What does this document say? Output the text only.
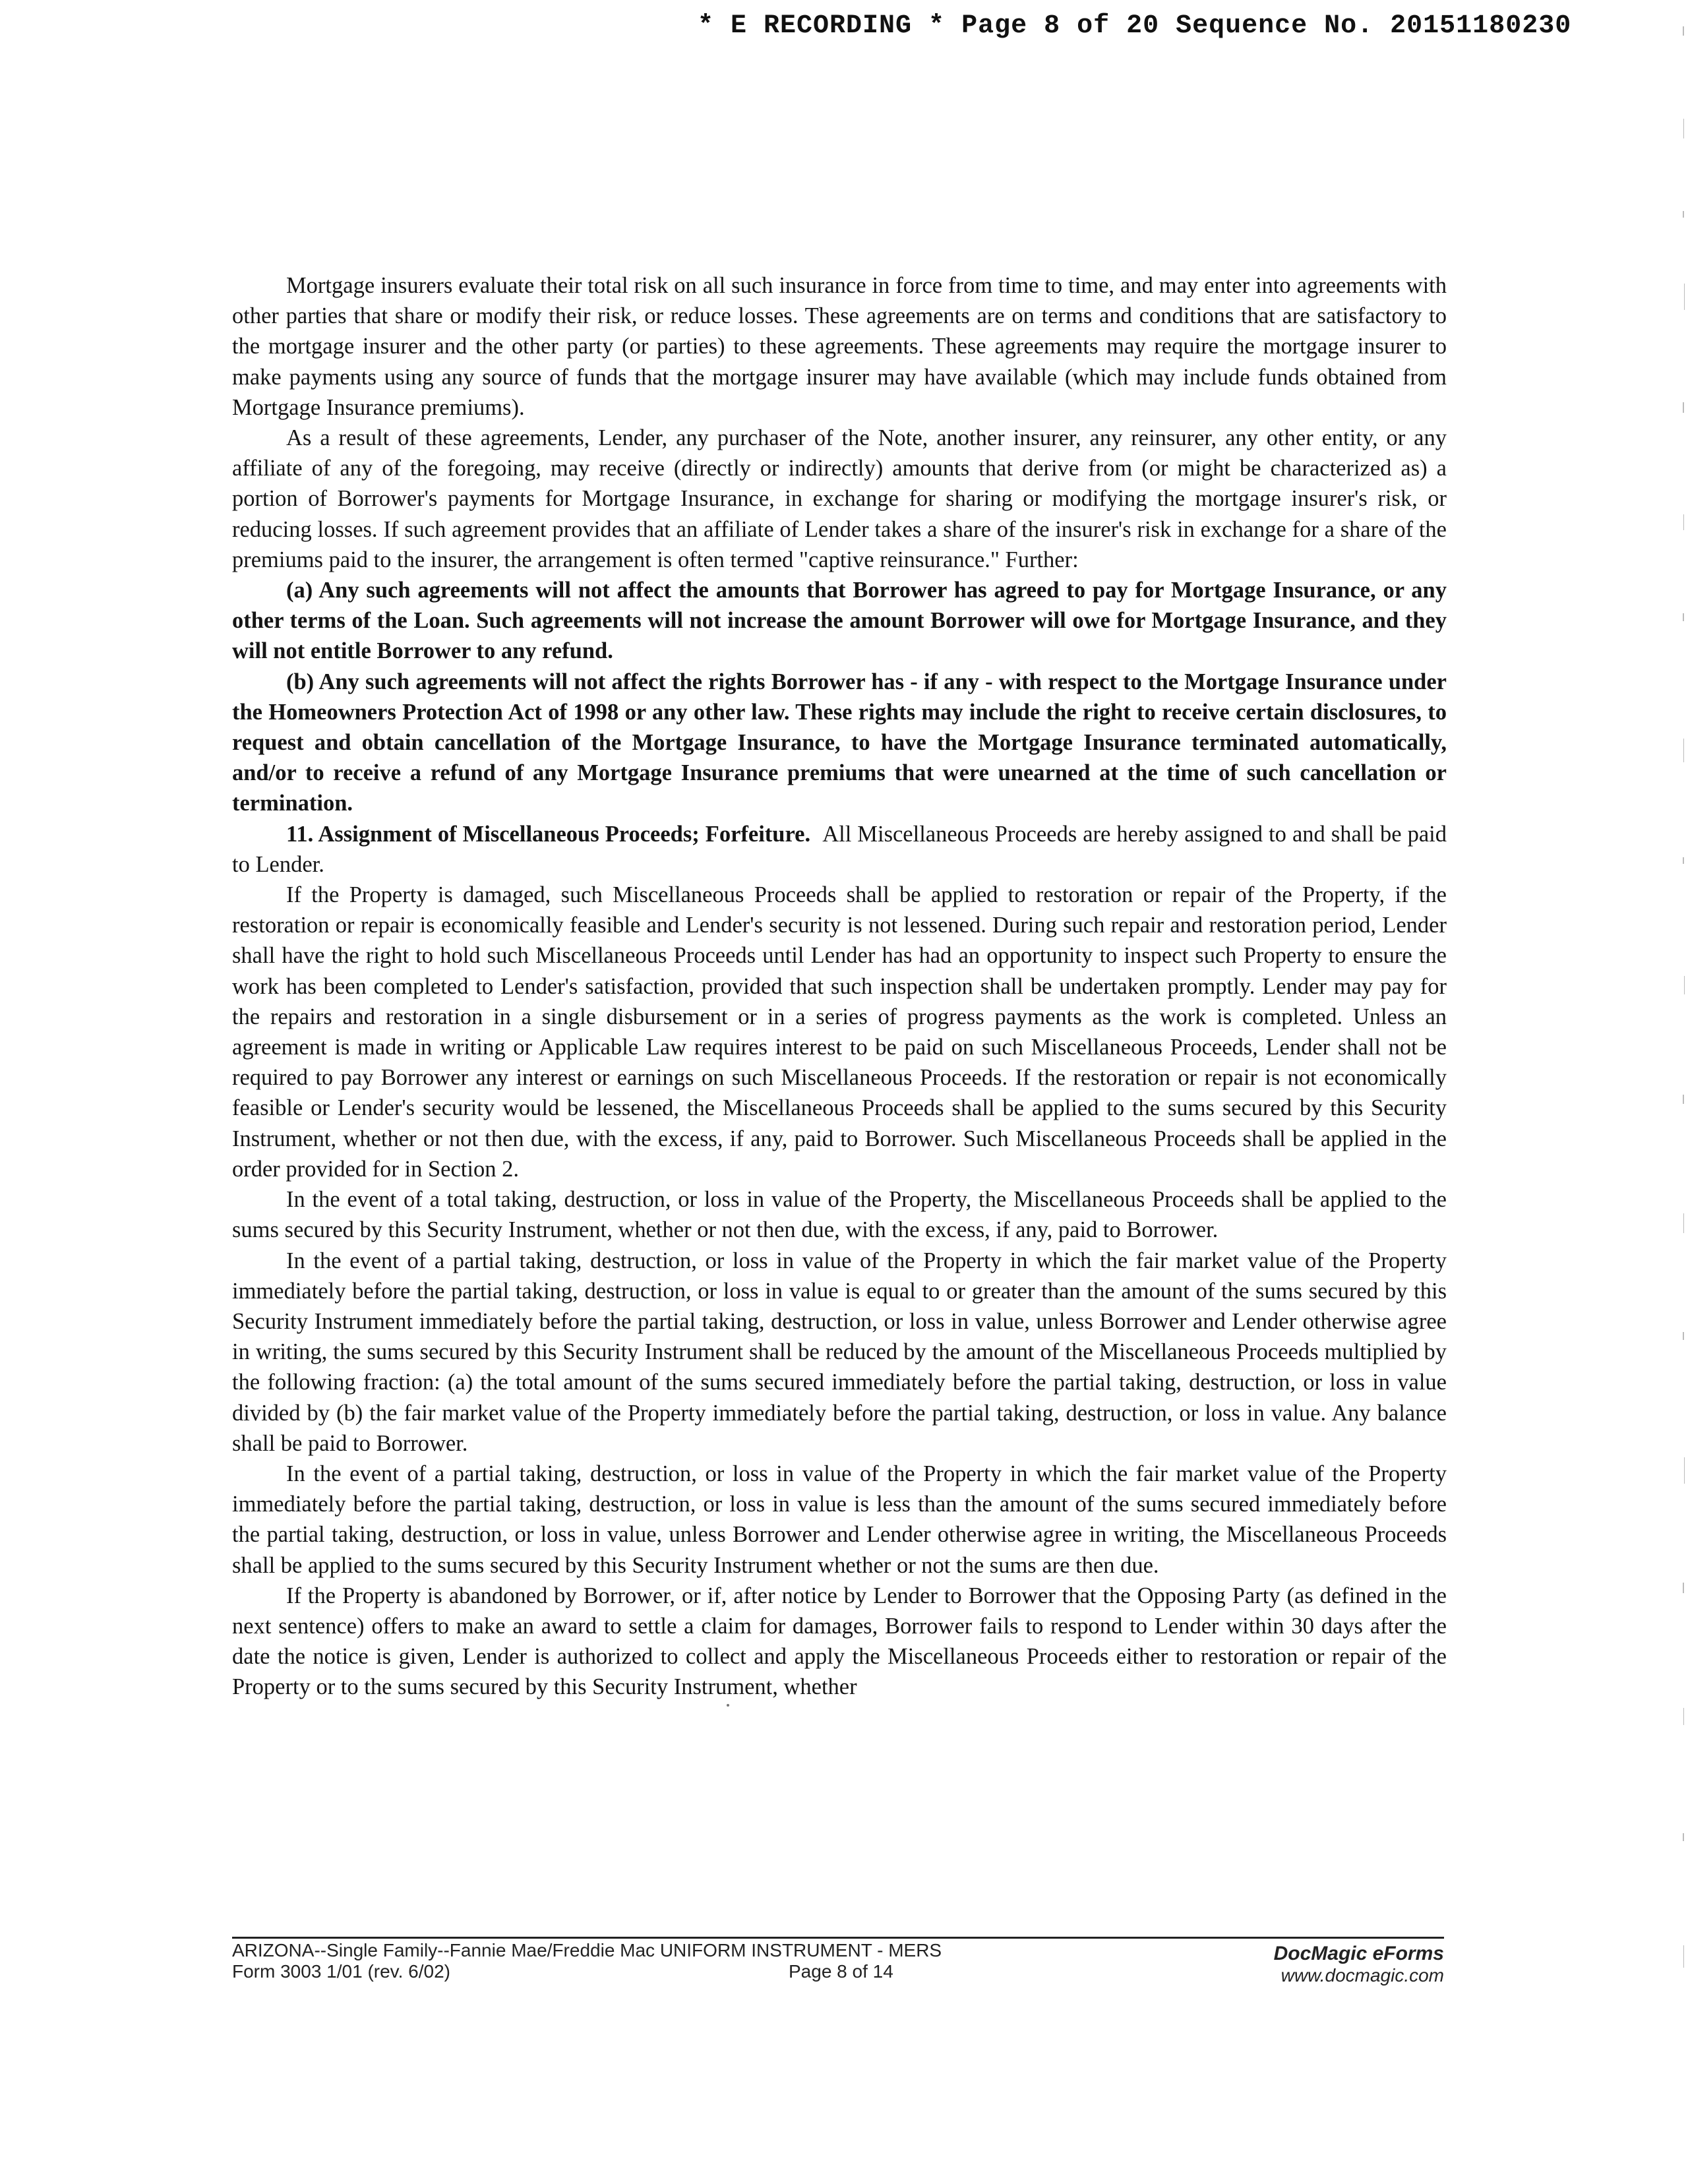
* E RECORDING * Page 8 of 20 Sequence No. 20151180230

Mortgage insurers evaluate their total risk on all such insurance in force from time to time, and may enter into agreements with other parties that share or modify their risk, or reduce losses. These agreements are on terms and conditions that are satisfactory to the mortgage insurer and the other party (or parties) to these agreements. These agreements may require the mortgage insurer to make payments using any source of funds that the mortgage insurer may have available (which may include funds obtained from Mortgage Insurance premiums).

As a result of these agreements, Lender, any purchaser of the Note, another insurer, any reinsurer, any other entity, or any affiliate of any of the foregoing, may receive (directly or indirectly) amounts that derive from (or might be characterized as) a portion of Borrower's payments for Mortgage Insurance, in exchange for sharing or modifying the mortgage insurer's risk, or reducing losses. If such agreement provides that an affiliate of Lender takes a share of the insurer's risk in exchange for a share of the premiums paid to the insurer, the arrangement is often termed "captive reinsurance." Further:

(a) Any such agreements will not affect the amounts that Borrower has agreed to pay for Mortgage Insurance, or any other terms of the Loan. Such agreements will not increase the amount Borrower will owe for Mortgage Insurance, and they will not entitle Borrower to any refund.

(b) Any such agreements will not affect the rights Borrower has - if any - with respect to the Mortgage Insurance under the Homeowners Protection Act of 1998 or any other law. These rights may include the right to receive certain disclosures, to request and obtain cancellation of the Mortgage Insurance, to have the Mortgage Insurance terminated automatically, and/or to receive a refund of any Mortgage Insurance premiums that were unearned at the time of such cancellation or termination.

11. Assignment of Miscellaneous Proceeds; Forfeiture. All Miscellaneous Proceeds are hereby assigned to and shall be paid to Lender.

If the Property is damaged, such Miscellaneous Proceeds shall be applied to restoration or repair of the Property, if the restoration or repair is economically feasible and Lender's security is not lessened. During such repair and restoration period, Lender shall have the right to hold such Miscellaneous Proceeds until Lender has had an opportunity to inspect such Property to ensure the work has been completed to Lender's satisfaction, provided that such inspection shall be undertaken promptly. Lender may pay for the repairs and restoration in a single disbursement or in a series of progress payments as the work is completed. Unless an agreement is made in writing or Applicable Law requires interest to be paid on such Miscellaneous Proceeds, Lender shall not be required to pay Borrower any interest or earnings on such Miscellaneous Proceeds. If the restoration or repair is not economically feasible or Lender's security would be lessened, the Miscellaneous Proceeds shall be applied to the sums secured by this Security Instrument, whether or not then due, with the excess, if any, paid to Borrower. Such Miscellaneous Proceeds shall be applied in the order provided for in Section 2.

In the event of a total taking, destruction, or loss in value of the Property, the Miscellaneous Proceeds shall be applied to the sums secured by this Security Instrument, whether or not then due, with the excess, if any, paid to Borrower.

In the event of a partial taking, destruction, or loss in value of the Property in which the fair market value of the Property immediately before the partial taking, destruction, or loss in value is equal to or greater than the amount of the sums secured by this Security Instrument immediately before the partial taking, destruction, or loss in value, unless Borrower and Lender otherwise agree in writing, the sums secured by this Security Instrument shall be reduced by the amount of the Miscellaneous Proceeds multiplied by the following fraction: (a) the total amount of the sums secured immediately before the partial taking, destruction, or loss in value divided by (b) the fair market value of the Property immediately before the partial taking, destruction, or loss in value. Any balance shall be paid to Borrower.

In the event of a partial taking, destruction, or loss in value of the Property in which the fair market value of the Property immediately before the partial taking, destruction, or loss in value is less than the amount of the sums secured immediately before the partial taking, destruction, or loss in value, unless Borrower and Lender otherwise agree in writing, the Miscellaneous Proceeds shall be applied to the sums secured by this Security Instrument whether or not the sums are then due.

If the Property is abandoned by Borrower, or if, after notice by Lender to Borrower that the Opposing Party (as defined in the next sentence) offers to make an award to settle a claim for damages, Borrower fails to respond to Lender within 30 days after the date the notice is given, Lender is authorized to collect and apply the Miscellaneous Proceeds either to restoration or repair of the Property or to the sums secured by this Security Instrument, whether

ARIZONA--Single Family--Fannie Mae/Freddie Mac UNIFORM INSTRUMENT - MERS
Form 3003 1/01 (rev. 6/02)	Page 8 of 14
DocMagic eForms
www.docmagic.com
